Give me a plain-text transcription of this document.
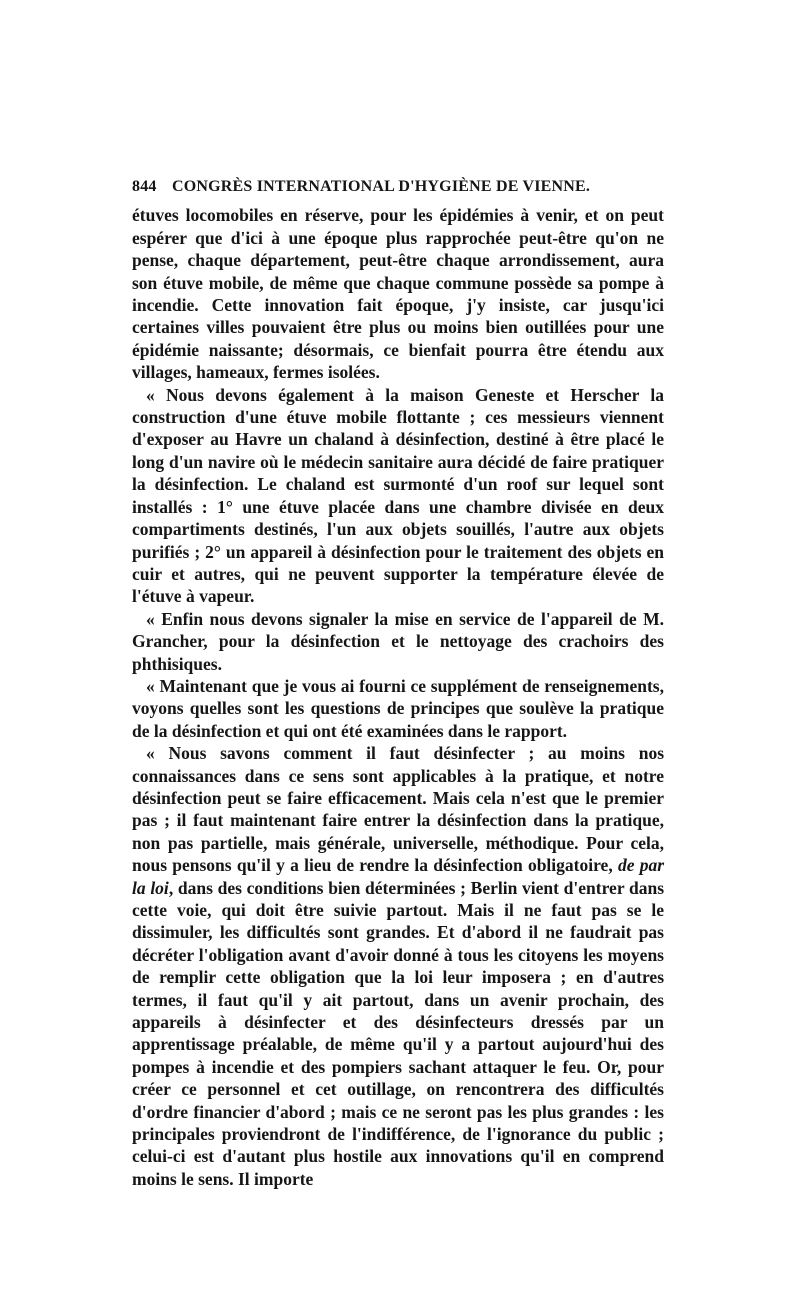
844 CONGRÈS INTERNATIONAL D'HYGIÈNE DE VIENNE.

étuves locomobiles en réserve, pour les épidémies à venir, et on peut espérer que d'ici à une époque plus rapprochée peut-être qu'on ne pense, chaque département, peut-être chaque arrondissement, aura son étuve mobile, de même que chaque commune possède sa pompe à incendie. Cette innovation fait époque, j'y insiste, car jusqu'ici certaines villes pouvaient être plus ou moins bien outillées pour une épidémie naissante; désormais, ce bienfait pourra être étendu aux villages, hameaux, fermes isolées.

« Nous devons également à la maison Geneste et Herscher la construction d'une étuve mobile flottante ; ces messieurs viennent d'exposer au Havre un chaland à désinfection, destiné à être placé le long d'un navire où le médecin sanitaire aura décidé de faire pratiquer la désinfection. Le chaland est surmonté d'un roof sur lequel sont installés : 1° une étuve placée dans une chambre divisée en deux compartiments destinés, l'un aux objets souillés, l'autre aux objets purifiés ; 2° un appareil à désinfection pour le traitement des objets en cuir et autres, qui ne peuvent supporter la température élevée de l'étuve à vapeur.

« Enfin nous devons signaler la mise en service de l'appareil de M. Grancher, pour la désinfection et le nettoyage des crachoirs des phthisiques.

« Maintenant que je vous ai fourni ce supplément de renseignements, voyons quelles sont les questions de principes que soulève la pratique de la désinfection et qui ont été examinées dans le rapport.

« Nous savons comment il faut désinfecter ; au moins nos connaissances dans ce sens sont applicables à la pratique, et notre désinfection peut se faire efficacement. Mais cela n'est que le premier pas ; il faut maintenant faire entrer la désinfection dans la pratique, non pas partielle, mais générale, universelle, méthodique. Pour cela, nous pensons qu'il y a lieu de rendre la désinfection obligatoire, de par la loi, dans des conditions bien déterminées ; Berlin vient d'entrer dans cette voie, qui doit être suivie partout. Mais il ne faut pas se le dissimuler, les difficultés sont grandes. Et d'abord il ne faudrait pas décréter l'obligation avant d'avoir donné à tous les citoyens les moyens de remplir cette obligation que la loi leur imposera ; en d'autres termes, il faut qu'il y ait partout, dans un avenir prochain, des appareils à désinfecter et des désinfecteurs dressés par un apprentissage préalable, de même qu'il y a partout aujourd'hui des pompes à incendie et des pompiers sachant attaquer le feu. Or, pour créer ce personnel et cet outillage, on rencontrera des difficultés d'ordre financier d'abord ; mais ce ne seront pas les plus grandes : les principales proviendront de l'indifférence, de l'ignorance du public ; celui-ci est d'autant plus hostile aux innovations qu'il en comprend moins le sens. Il importe
